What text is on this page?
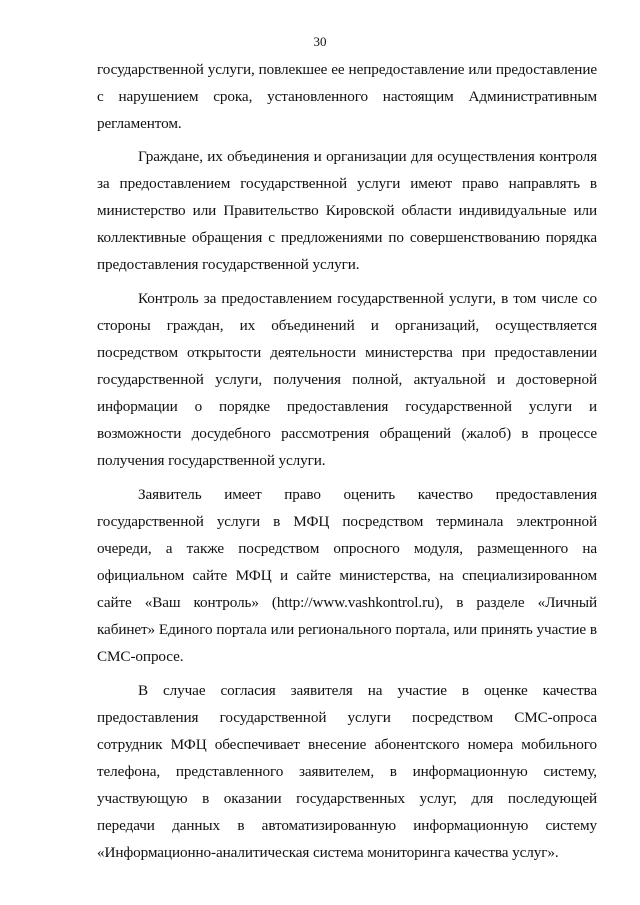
30

государственной услуги, повлекшее ее непредоставление или предоставление
с нарушением срока, установленного настоящим Административным
регламентом.

Граждане, их объединения и организации для осуществления контроля
за предоставлением государственной услуги имеют право направлять в
министерство или Правительство Кировской области индивидуальные или
коллективные обращения с предложениями по совершенствованию порядка
предоставления государственной услуги.

Контроль за предоставлением государственной услуги, в том числе со
стороны граждан, их объединений и организаций, осуществляется
посредством открытости деятельности министерства при предоставлении
государственной услуги, получения полной, актуальной и достоверной
информации о порядке предоставления государственной услуги и
возможности досудебного рассмотрения обращений (жалоб) в процессе
получения государственной услуги.

Заявитель имеет право оценить качество предоставления
государственной услуги в МФЦ посредством терминала электронной
очереди, а также посредством опросного модуля, размещенного на
официальном сайте МФЦ и сайте министерства, на специализированном
сайте «Ваш контроль» (http://www.vashkontrol.ru), в разделе «Личный
кабинет» Единого портала или регионального портала, или принять участие в
СМС-опросе.

В случае согласия заявителя на участие в оценке качества
предоставления государственной услуги посредством СМС-опроса
сотрудник МФЦ обеспечивает внесение абонентского номера мобильного
телефона, представленного заявителем, в информационную систему,
участвующую в оказании государственных услуг, для последующей
передачи данных в автоматизированную информационную систему
«Информационно-аналитическая система мониторинга качества услуг».
